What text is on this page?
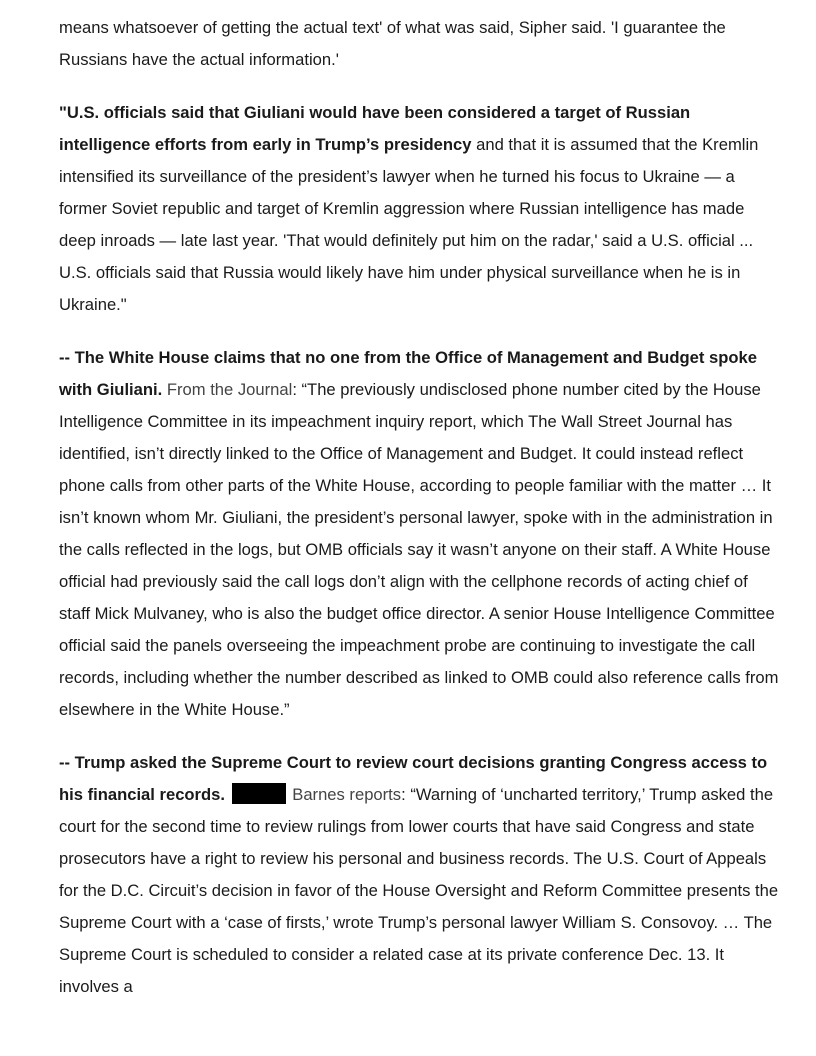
means whatsoever of getting the actual text' of what was said, Sipher said. 'I guarantee the Russians have the actual information.'

"U.S. officials said that Giuliani would have been considered a target of Russian intelligence efforts from early in Trump’s presidency and that it is assumed that the Kremlin intensified its surveillance of the president’s lawyer when he turned his focus to Ukraine — a former Soviet republic and target of Kremlin aggression where Russian intelligence has made deep inroads — late last year. 'That would definitely put him on the radar,' said a U.S. official ... U.S. officials said that Russia would likely have him under physical surveillance when he is in Ukraine."

-- The White House claims that no one from the Office of Management and Budget spoke with Giuliani. From the Journal: “The previously undisclosed phone number cited by the House Intelligence Committee in its impeachment inquiry report, which The Wall Street Journal has identified, isn’t directly linked to the Office of Management and Budget. It could instead reflect phone calls from other parts of the White House, according to people familiar with the matter … It isn’t known whom Mr. Giuliani, the president’s personal lawyer, spoke with in the administration in the calls reflected in the logs, but OMB officials say it wasn’t anyone on their staff. A White House official had previously said the call logs don’t align with the cellphone records of acting chief of staff Mick Mulvaney, who is also the budget office director. A senior House Intelligence Committee official said the panels overseeing the impeachment probe are continuing to investigate the call records, including whether the number described as linked to OMB could also reference calls from elsewhere in the White House.”

-- Trump asked the Supreme Court to review court decisions granting Congress access to his financial records.	Barnes reports: “Warning of ‘uncharted territory,’ Trump asked the court for the second time to review rulings from lower courts that have said Congress and state prosecutors have a right to review his personal and business records. The U.S. Court of Appeals for the D.C. Circuit’s decision in favor of the House Oversight and Reform Committee presents the Supreme Court with a ‘case of firsts,’ wrote Trump’s personal lawyer William S. Consovoy. … The Supreme Court is scheduled to consider a related case at its private conference Dec. 13. It involves a
